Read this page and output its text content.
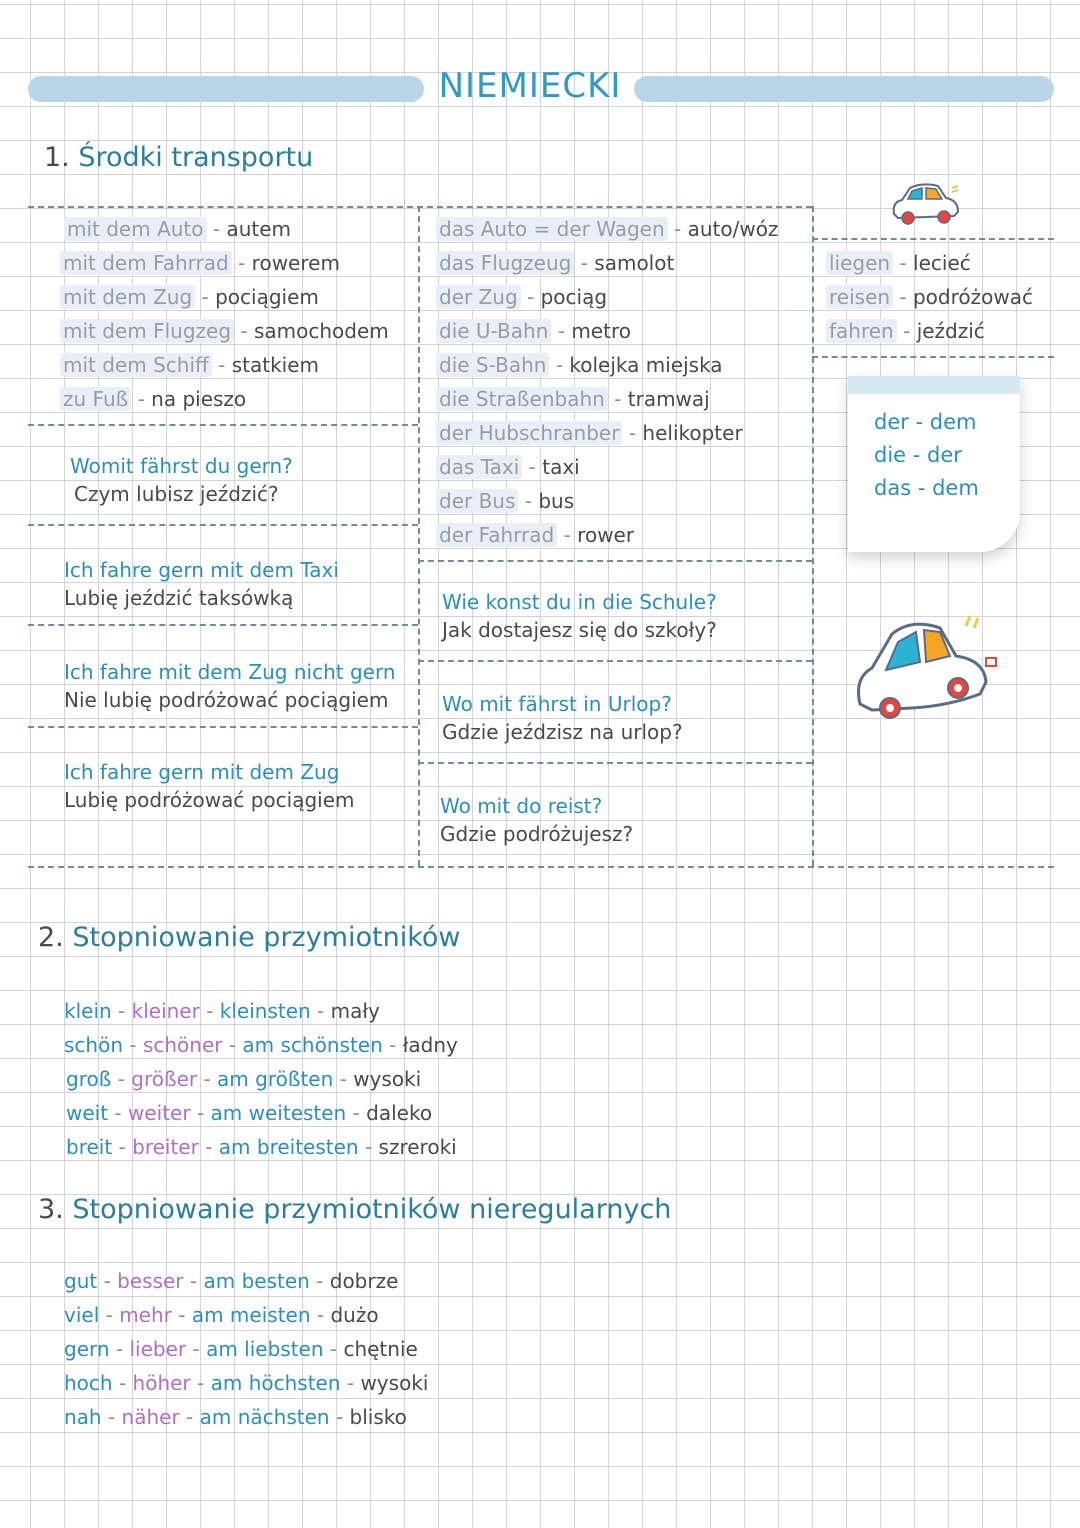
NIEMIECKI
1. Środki transportu
mit dem Auto - autem
mit dem Fahrrad - rowerem
mit dem Zug - pociągiem
mit dem Flugzeg - samochodem
mit dem Schiff - statkiem
zu Fuß - na pieszo
das Auto = der Wagen - auto/wóz
das Flugzeug - samolot
der Zug - pociąg
die U-Bahn - metro
die S-Bahn - kolejka miejska
die Straßenbahn - tramwaj
der Hubschranber - helikopter
das Taxi - taxi
der Bus - bus
der Fahrrad - rower
liegen - lecieć
reisen - podróżować
fahren - jeździć
Womit fährst du gern?
Czym lubisz jeździć?
Ich fahre gern mit dem Taxi
Lubię jeździć taksówką
Ich fahre mit dem Zug nicht gern
Nie lubię podróżować pociągiem
Ich fahre gern mit dem Zug
Lubię podróżować pociągiem
Wie konst du in die Schule?
Jak dostajesz się do szkoły?
Wo mit fährst in Urlop?
Gdzie jeździsz na urlop?
Wo mit do reist?
Gdzie podróżujesz?
der - dem
die - der
das - dem
2. Stopniowanie przymiotników
klein - kleiner - kleinsten - mały
schön - schöner - am schönsten - ładny
groß - größer - am größten - wysoki
weit - weiter - am weitesten - daleko
breit - breiter - am breitesten - szreroki
3. Stopniowanie przymiotników nieregularnych
gut - besser - am besten - dobrze
viel - mehr - am meisten - dużo
gern - lieber - am liebsten - chętnie
hoch - höher - am höchsten - wysoki
nah - näher - am nächsten - blisko
